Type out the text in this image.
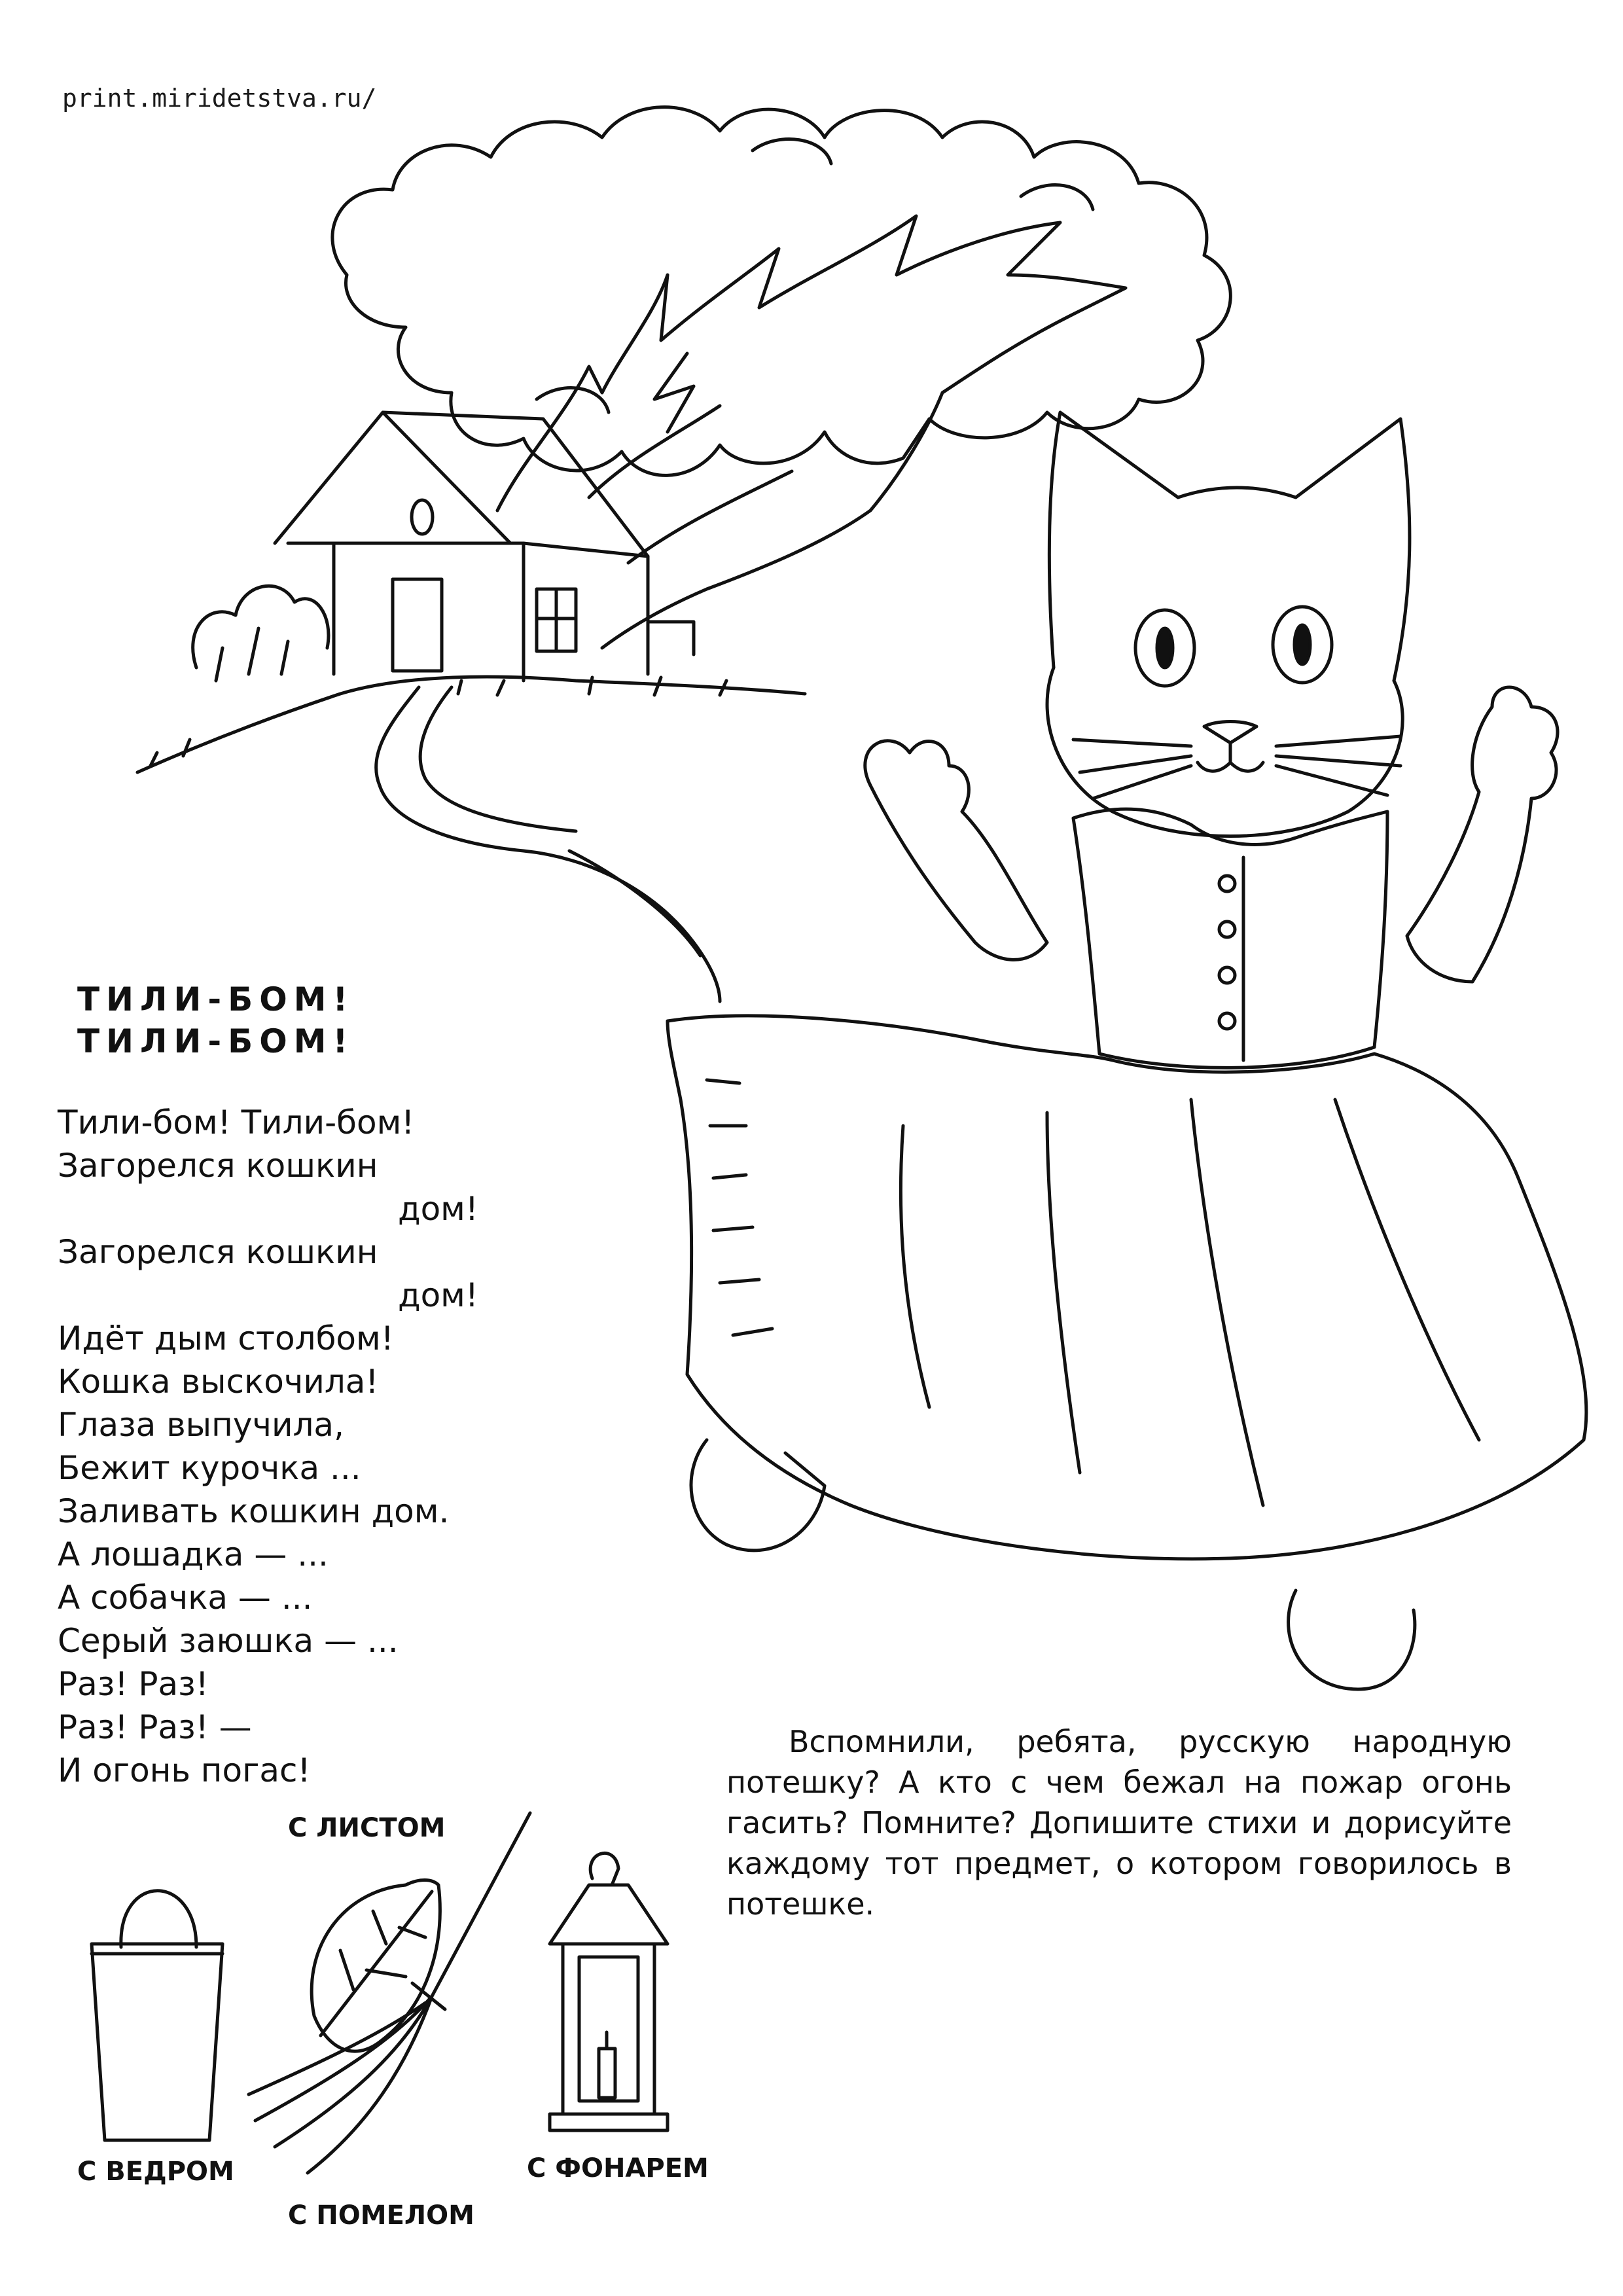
print.miridetstva.ru/
ТИЛИ-БОМ!
ТИЛИ-БОМ!
Тили-бом! Тили-бом!
Загорелся кошкин
дом!
Загорелся кошкин
дом!
Идёт дым столбом!
Кошка выскочила!
Глаза выпучила,
Бежит курочка ...
Заливать кошкин дом.
А лошадка — ...
А собачка — ...
Серый заюшка — ...
Раз! Раз!
Раз! Раз! —
И огонь погас!
Вспомнили, ребята, русскую народную потешку? А кто с чем бежал на пожар огонь гасить? Помните? Допишите стихи и дорисуйте каждому тот предмет, о котором говорилось в потешке.
С ЛИСТОМ
С ВЕДРОМ
С ПОМЕЛОМ
С ФОНАРЕМ
